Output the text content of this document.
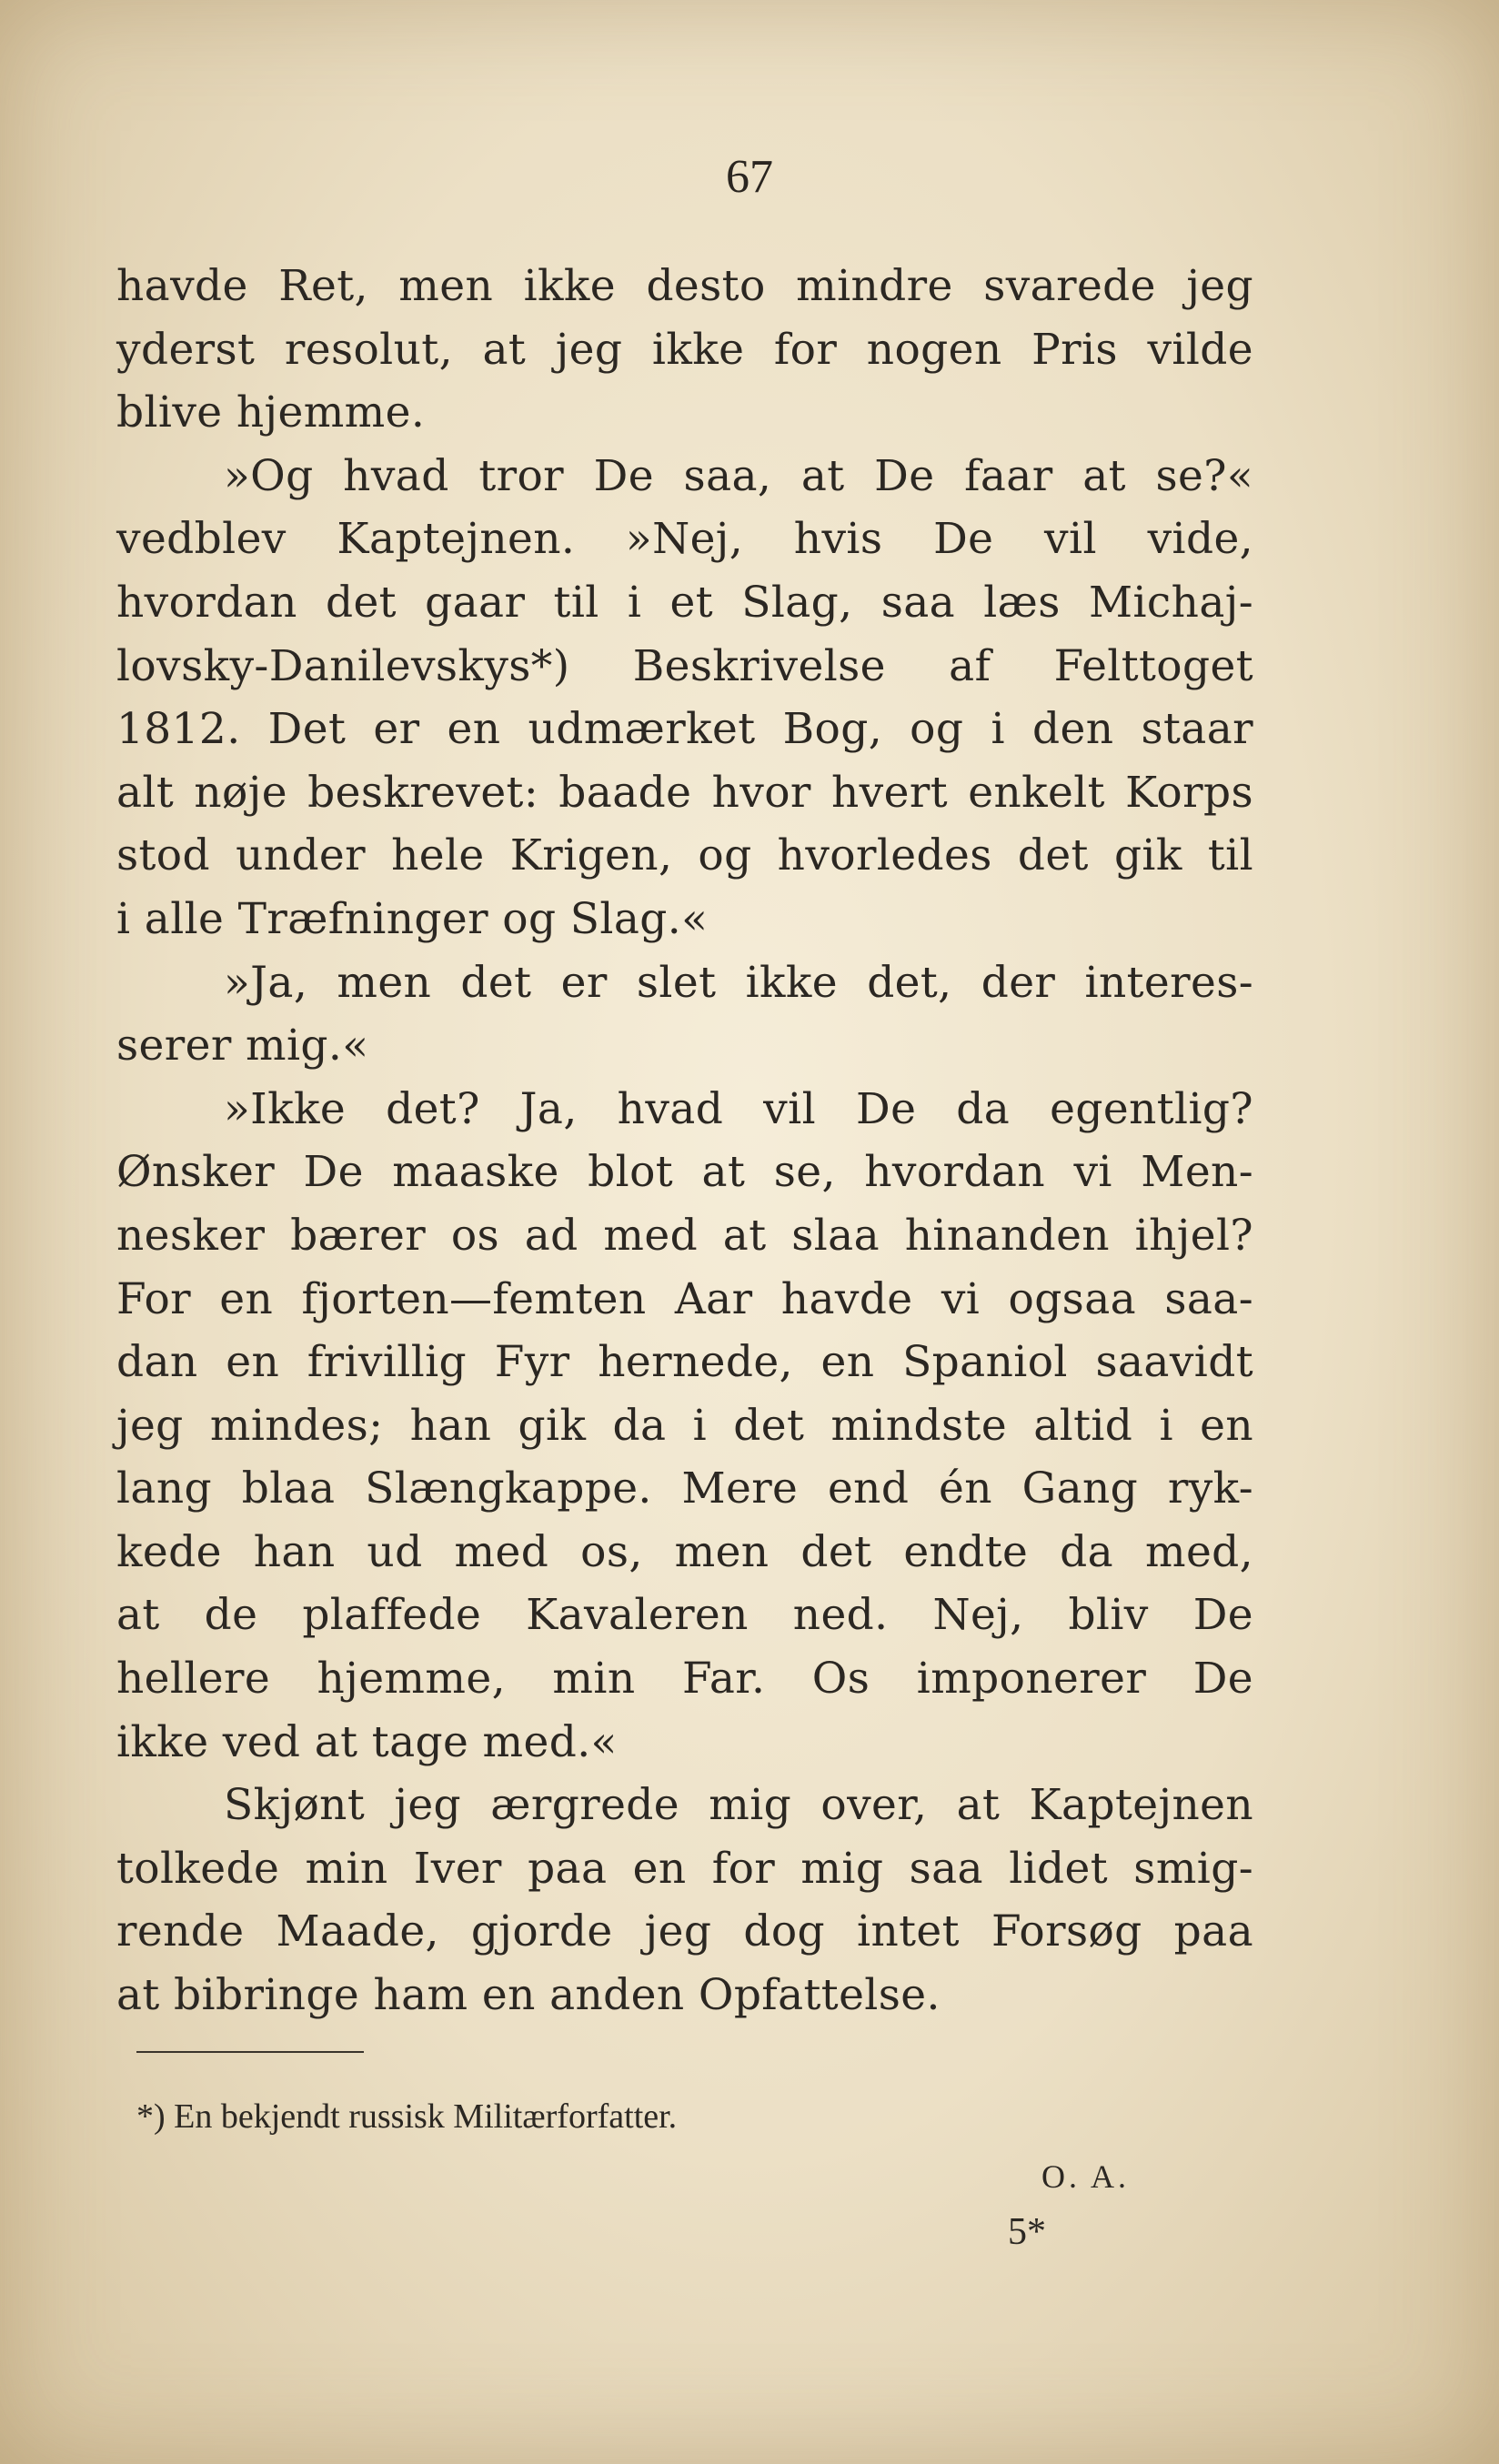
67

havde Ret, men ikke desto mindre svarede jeg
yderst resolut, at jeg ikke for nogen Pris vilde
blive hjemme.

»Og hvad tror De saa, at De faar at se?«
vedblev Kaptejnen. »Nej, hvis De vil vide,
hvordan det gaar til i et Slag, saa læs Michaj-
lovsky-Danilevskys*) Beskrivelse af Felttoget
1812. Det er en udmærket Bog, og i den staar
alt nøje beskrevet: baade hvor hvert enkelt Korps
stod under hele Krigen, og hvorledes det gik til
i alle Træfninger og Slag.«

»Ja, men det er slet ikke det, der interes-
serer mig.«

»Ikke det? Ja, hvad vil De da egentlig?
Ønsker De maaske blot at se, hvordan vi Men-
nesker bærer os ad med at slaa hinanden ihjel?
For en fjorten—femten Aar havde vi ogsaa saa-
dan en frivillig Fyr hernede, en Spaniol saavidt
jeg mindes; han gik da i det mindste altid i en
lang blaa Slængkappe. Mere end én Gang ryk-
kede han ud med os, men det endte da med,
at de plaffede Kavaleren ned. Nej, bliv De
hellere hjemme, min Far. Os imponerer De
ikke ved at tage med.«

Skjønt jeg ærgrede mig over, at Kaptejnen
tolkede min Iver paa en for mig saa lidet smig-
rende Maade, gjorde jeg dog intet Forsøg paa
at bibringe ham en anden Opfattelse.

*) En bekjendt russisk Militærforfatter.
O. A.
5*
